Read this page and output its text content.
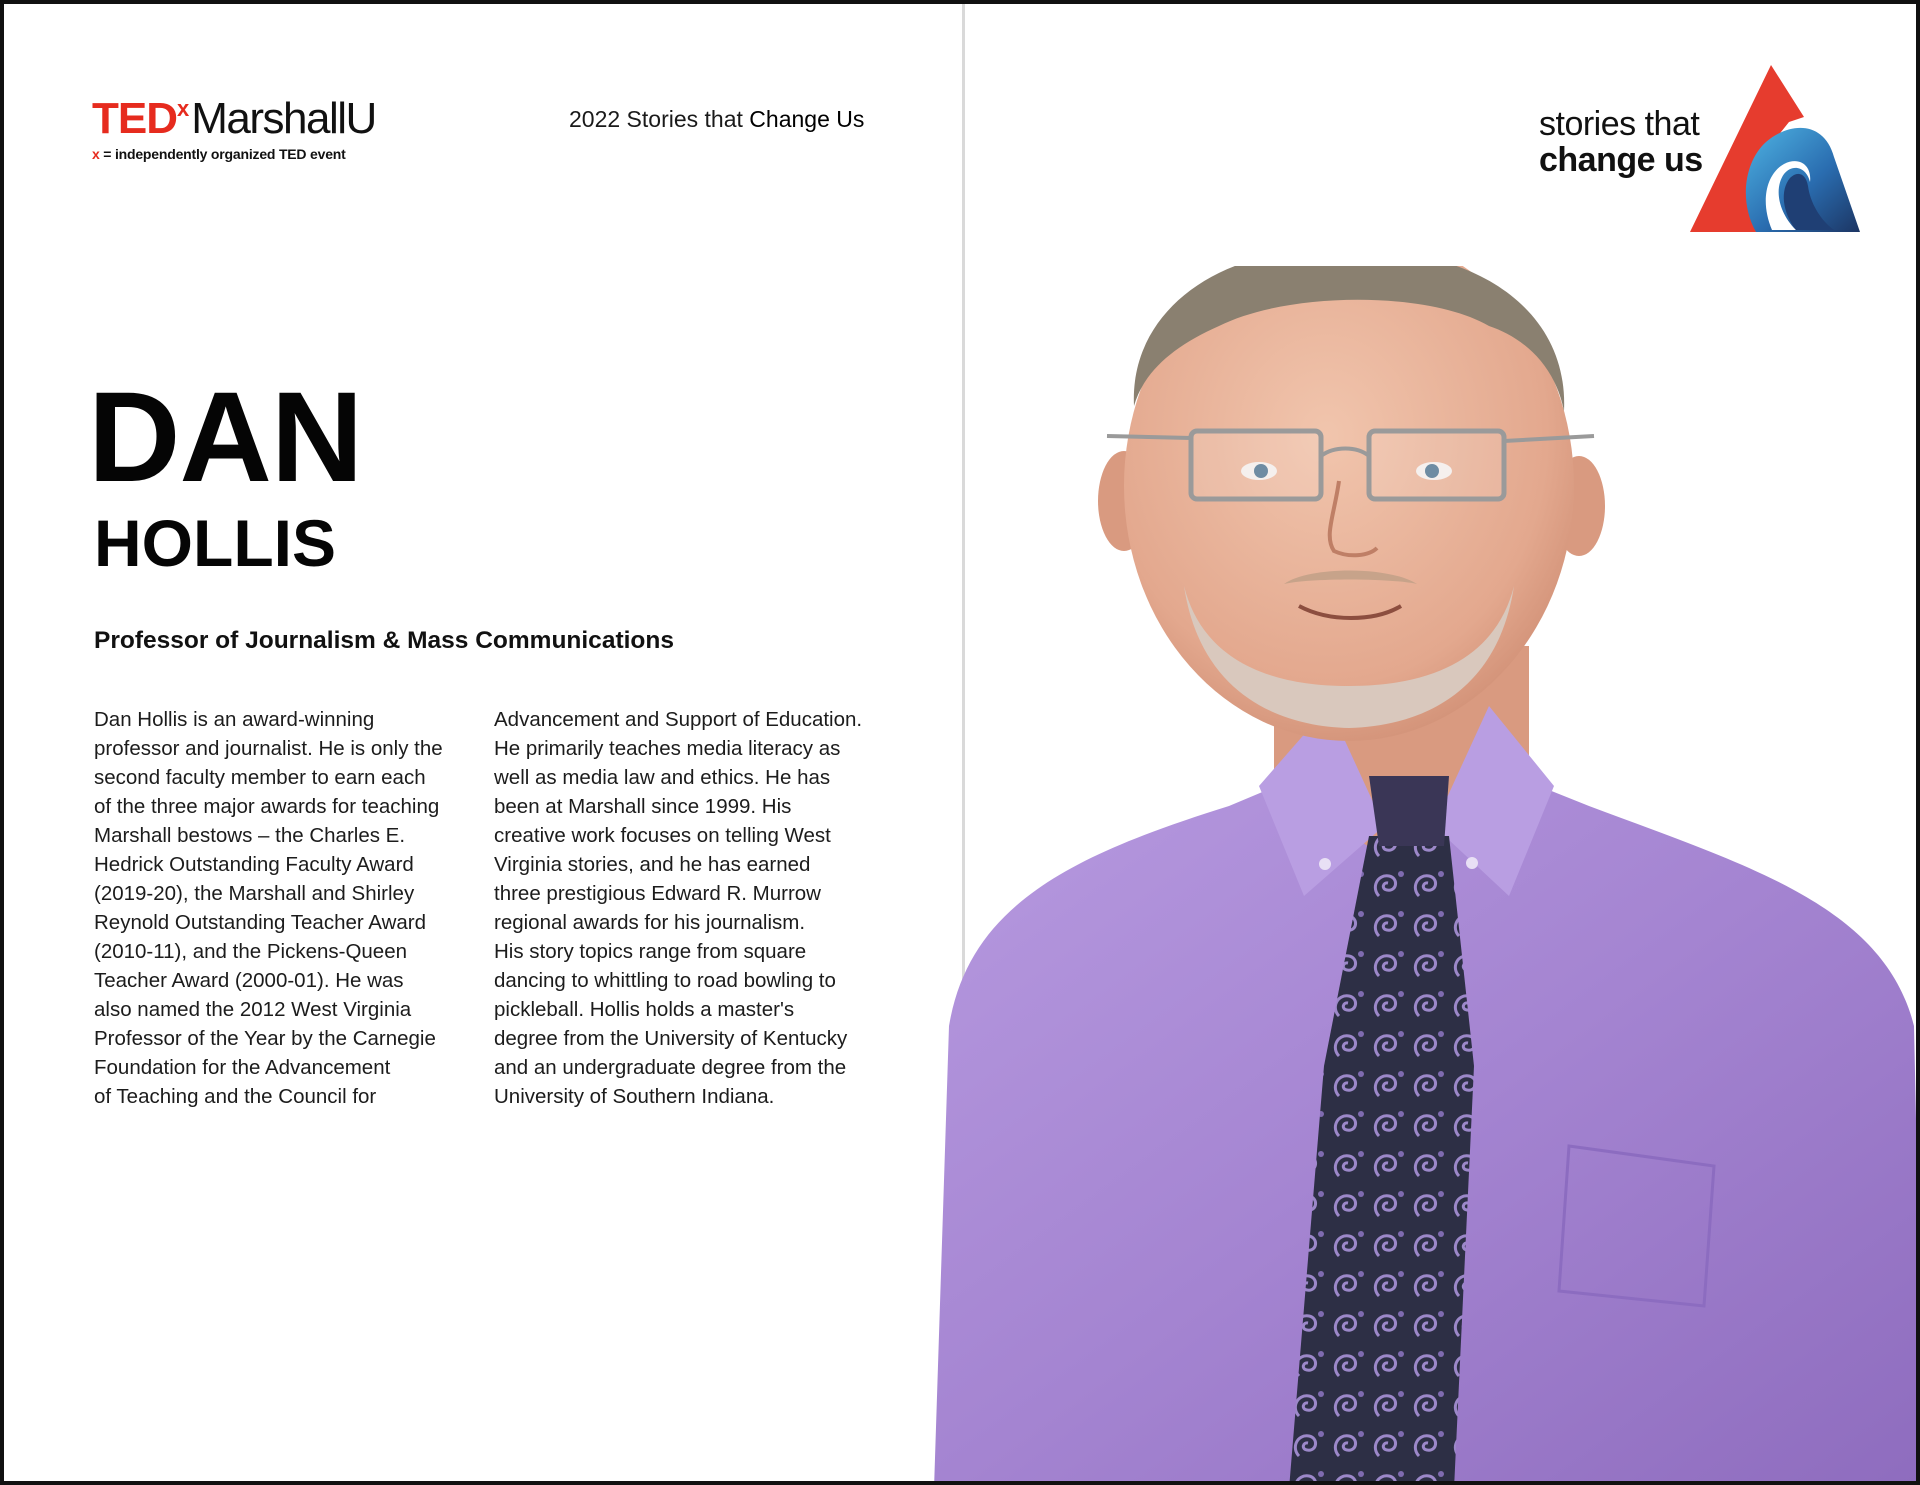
TED x MarshallU
x = independently organized TED event
2022 Stories that Change Us
DAN
HOLLIS
Professor of Journalism & Mass Communications
Dan Hollis is an award-winning
professor and journalist. He is only the
second faculty member to earn each
of the three major awards for teaching
Marshall bestows – the Charles E.
Hedrick Outstanding Faculty Award
(2019-20), the Marshall and Shirley
Reynold Outstanding Teacher Award
(2010-11), and the Pickens-Queen
Teacher Award (2000-01). He was
also named the 2012 West Virginia
Professor of the Year by the Carnegie
Foundation for the Advancement
of Teaching and the Council for
Advancement and Support of Education.
He primarily teaches media literacy as
well as media law and ethics. He has
been at Marshall since 1999. His
creative work focuses on telling West
Virginia stories, and he has earned
three prestigious Edward R. Murrow
regional awards for his journalism.
His story topics range from square
dancing to whittling to road bowling to
pickleball. Hollis holds a master's
degree from the University of Kentucky
and an undergraduate degree from the
University of Southern Indiana.
stories that
change us
